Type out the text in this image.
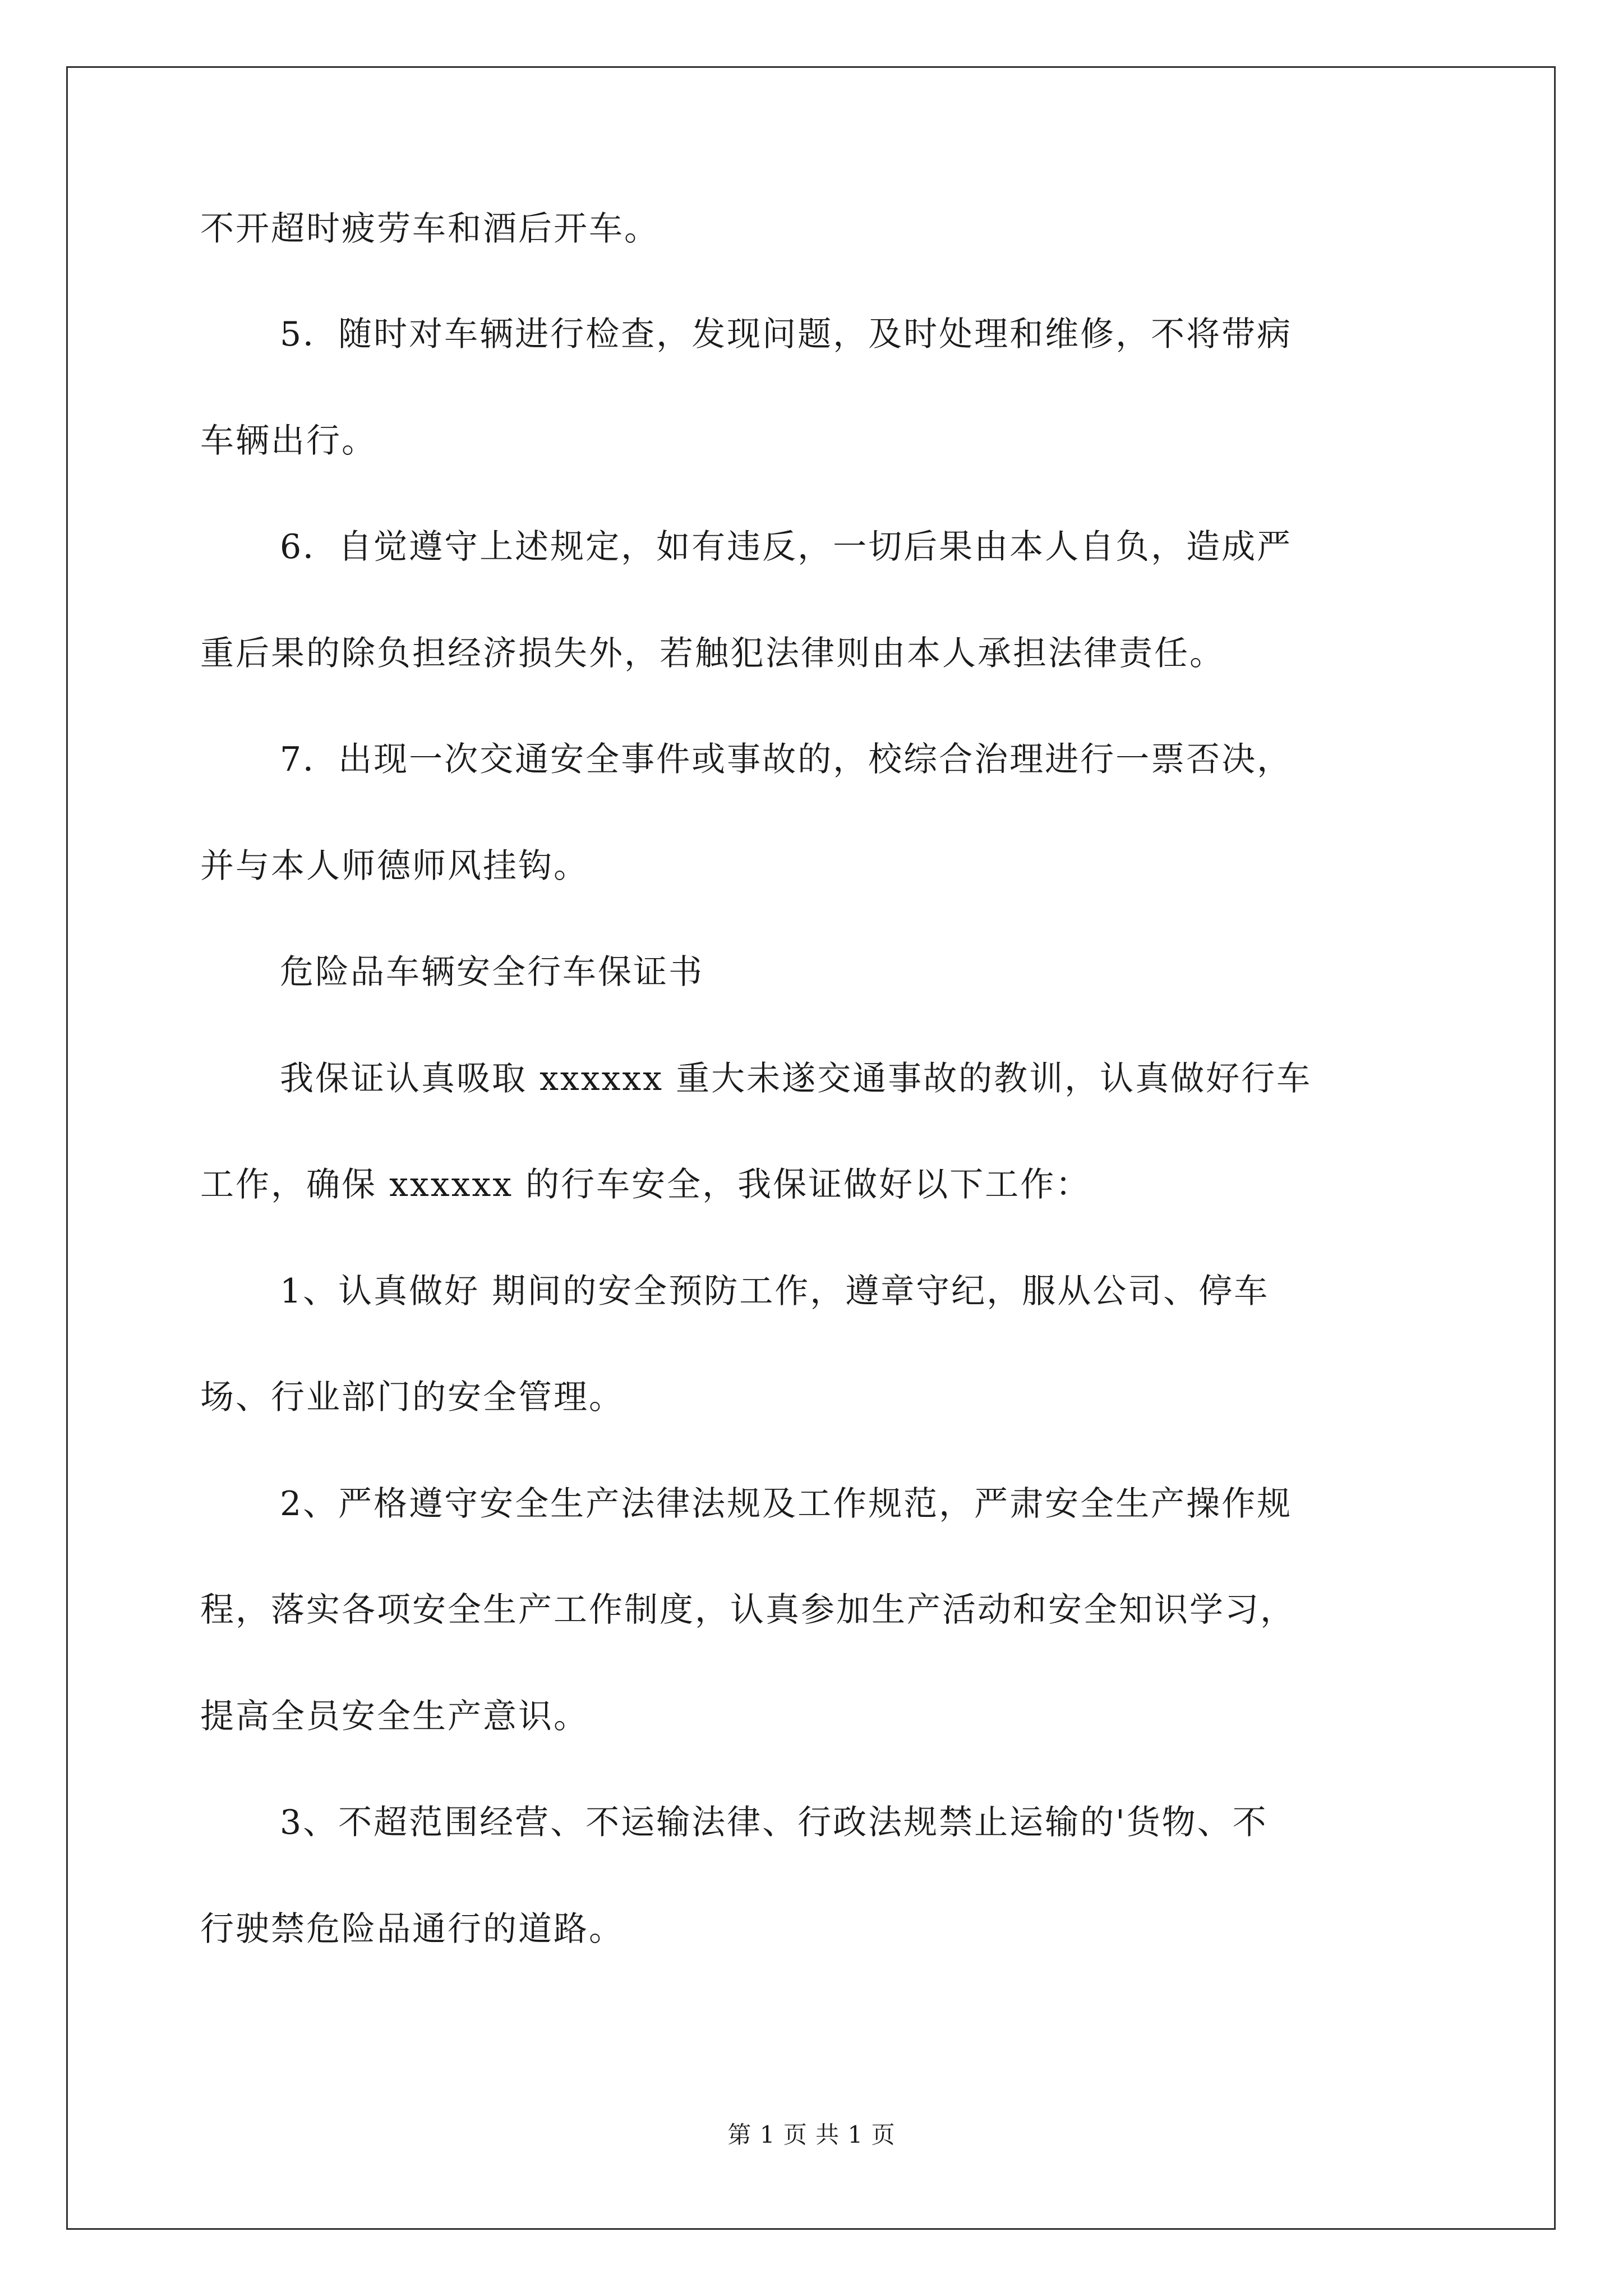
不开超时疲劳车和酒后开车。
5．随时对车辆进行检查，发现问题，及时处理和维修，不将带病
车辆出行。
6．自觉遵守上述规定，如有违反，一切后果由本人自负，造成严
重后果的除负担经济损失外，若触犯法律则由本人承担法律责任。
7．出现一次交通安全事件或事故的，校综合治理进行一票否决，
并与本人师德师风挂钩。
危险品车辆安全行车保证书
我保证认真吸取 xxxxxx 重大未遂交通事故的教训，认真做好行车
工作，确保 xxxxxx 的行车安全，我保证做好以下工作：
1、认真做好 期间的安全预防工作，遵章守纪，服从公司、停车
场、行业部门的安全管理。
2、严格遵守安全生产法律法规及工作规范，严肃安全生产操作规
程，落实各项安全生产工作制度，认真参加生产活动和安全知识学习，
提高全员安全生产意识。
3、不超范围经营、不运输法律、行政法规禁止运输的'货物、不
行驶禁危险品通行的道路。
第 1 页 共 1 页
